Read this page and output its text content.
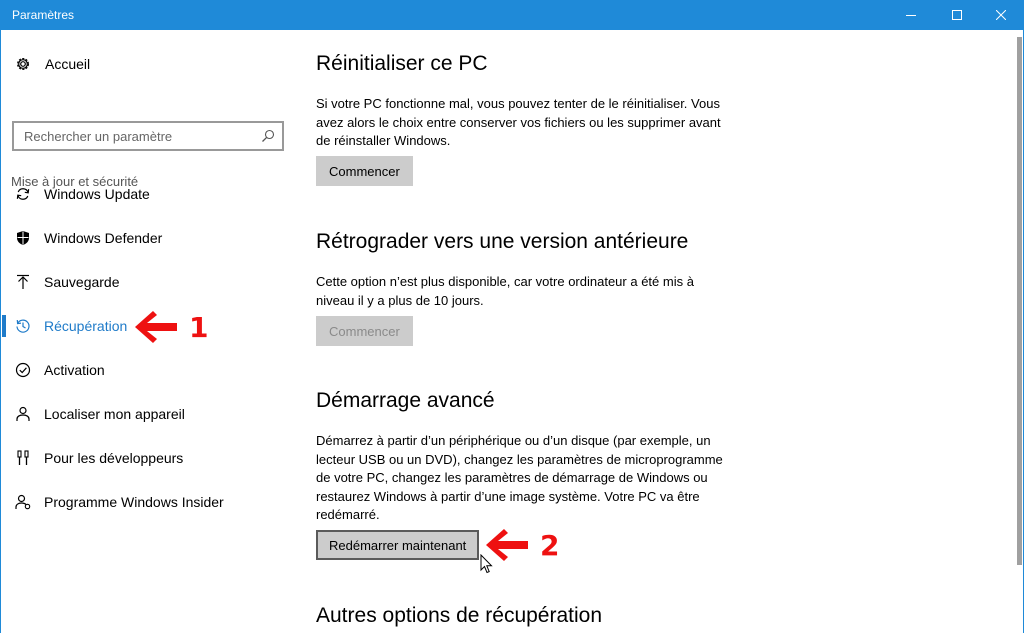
Paramètres
Accueil
Rechercher un paramètre
Mise à jour et sécurité
Windows Update
Windows Defender
Sauvegarde
Récupération
Activation
Localiser mon appareil
Pour les développeurs
Programme Windows Insider
Réinitialiser ce PC

Si votre PC fonctionne mal, vous pouvez tenter de le réinitialiser. Vous avez alors le choix entre conserver vos fichiers ou les supprimer avant de réinstaller Windows.

Commencer
Rétrograder vers une version antérieure

Cette option n’est plus disponible, car votre ordinateur a été mis à niveau il y a plus de 10 jours.

Commencer
Démarrage avancé

Démarrez à partir d’un périphérique ou d’un disque (par exemple, un lecteur USB ou un DVD), changez les paramètres de microprogramme de votre PC, changez les paramètres de démarrage de Windows ou restaurez Windows à partir d’une image système. Votre PC va être redémarré.

Redémarrer maintenant
Autres options de récupération
1
2
